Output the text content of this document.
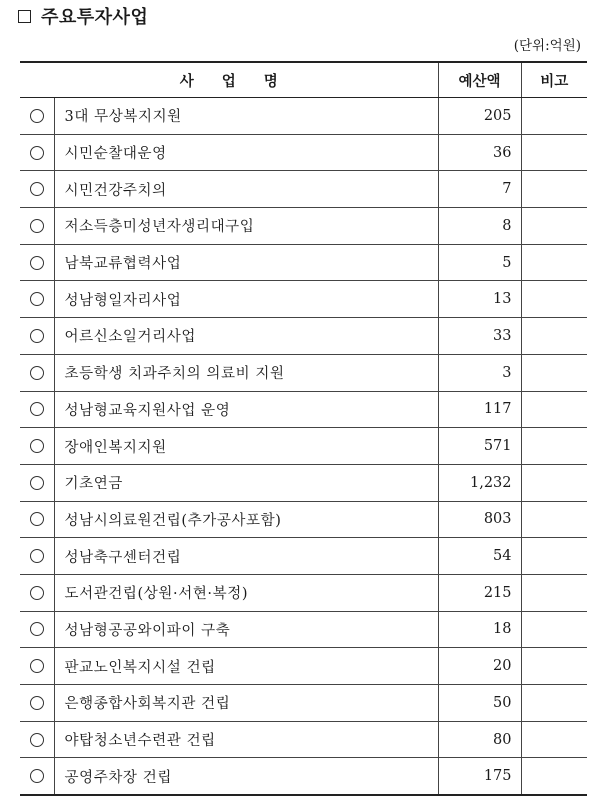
주요투자사업
(단위:억원)
사업명		예산액	비고
	3대 무상복지지원	205	
	시민순찰대운영	36	
	시민건강주치의	7	
	저소득층미성년자생리대구입	8	
	남북교류협력사업	5	
	성남형일자리사업	13	
	어르신소일거리사업	33	
	초등학생 치과주치의 의료비 지원	3	
	성남형교육지원사업 운영	117	
	장애인복지지원	571	
	기초연금	1,232	
	성남시의료원건립(추가공사포함)	803	
	성남축구센터건립	54	
	도서관건립(상원·서현·복정)	215	
	성남형공공와이파이 구축	18	
	판교노인복지시설 건립	20	
	은행종합사회복지관 건립	50	
	야탑청소년수련관 건립	80	
	공영주차장 건립	175	
